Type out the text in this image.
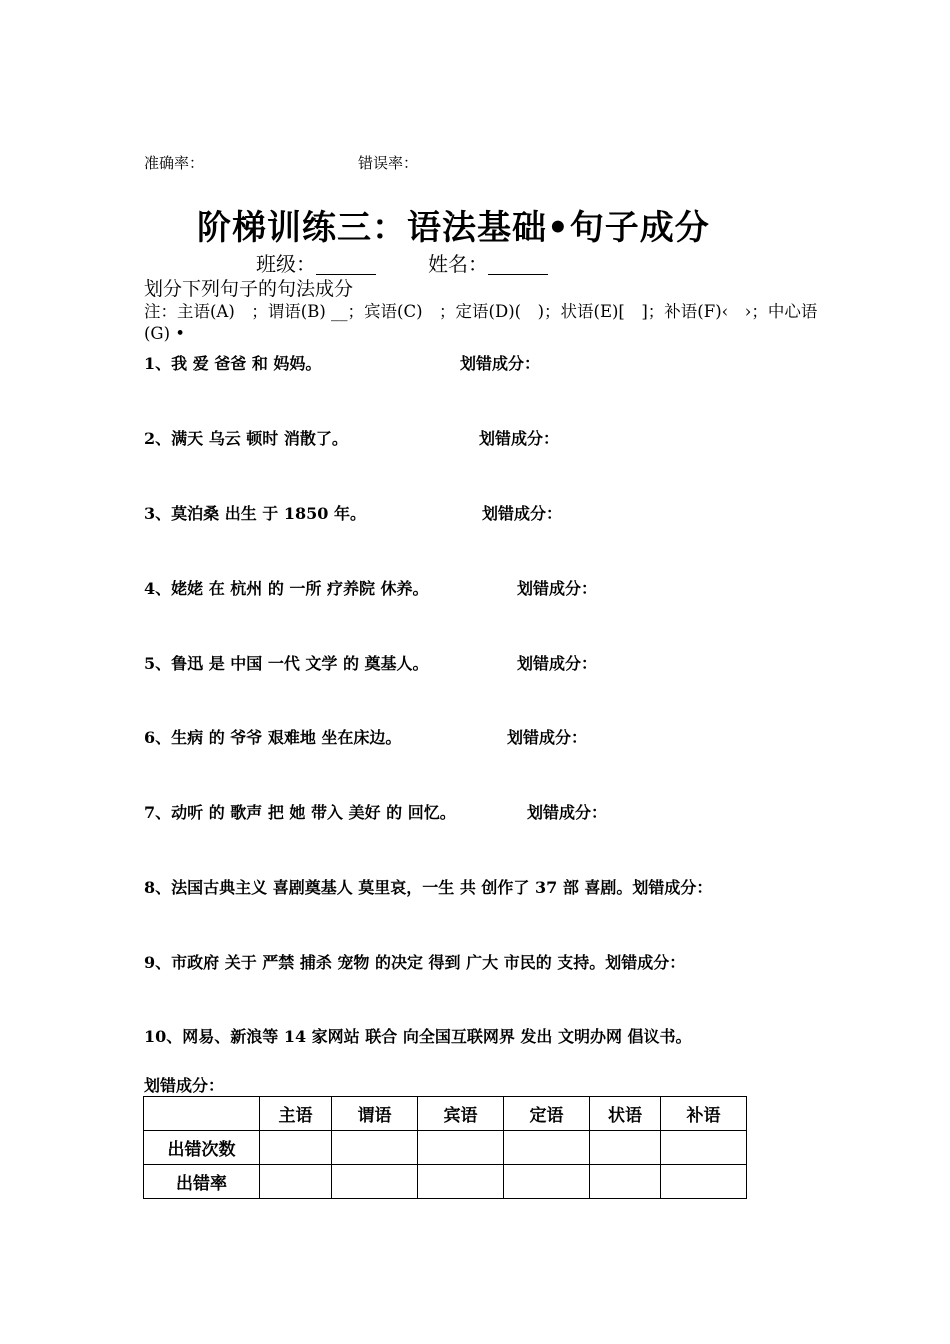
准确率：	错误率：
阶梯训练三：语法基础•句子成分
班级：	姓名：
划分下列句子的句法成分
注：主语(A)　；谓语(B) __；宾语(C)　；定语(D)(　)；状语(E)[　]；补语(F)‹　›；中心语(G) •
1、我 爱 爸爸 和 妈妈。	划错成分：
2、满天 乌云 顿时 消散了。	划错成分：
3、莫泊桑 出生 于 1850 年。	划错成分：
4、姥姥 在 杭州 的 一所 疗养院 休养。	划错成分：
5、鲁迅 是 中国 一代 文学 的 奠基人。	划错成分：
6、生病 的 爷爷 艰难地 坐在床边。	划错成分：
7、动听 的 歌声 把 她 带入 美好 的 回忆。	划错成分：
8、法国古典主义 喜剧奠基人 莫里哀，一生 共 创作了 37 部 喜剧。划错成分：
9、市政府 关于 严禁 捕杀 宠物 的决定 得到 广大 市民的 支持。划错成分：
10、网易、新浪等 14 家网站 联合 向全国互联网界 发出 文明办网 倡议书。
划错成分：
	主语	谓语	宾语	定语	状语	补语
出错次数						
出错率						
